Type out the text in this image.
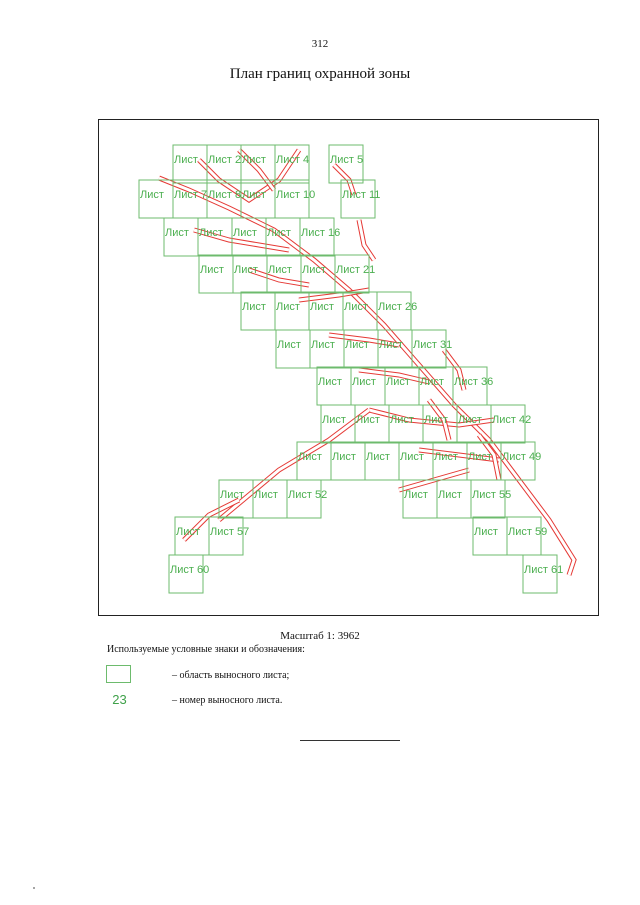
312
План границ охранной зоны
Лист Лист 2 Лист Лист 4 Лист 5
Лист Лист 7 Лист 8 Лист Лист 10 Лист 11
Лист Лист Лист Лист Лист 16
Лист Лист Лист Лист Лист 21
Лист Лист Лист Лист Лист 26
Лист Лист Лист Лист Лист 31
Лист Лист Лист Лист Лист 36
Лист Лист Лист Лист Лист Лист 42
Лист Лист Лист Лист Лист Лист Лист 49
Лист Лист Лист 52	Лист Лист Лист 55
Лист Лист 57	Лист Лист 59
Лист 60	Лист 61
Масштаб 1: 3962
Используемые условные знаки и обозначения:
– область выносного листа;
23	– номер выносного листа.
